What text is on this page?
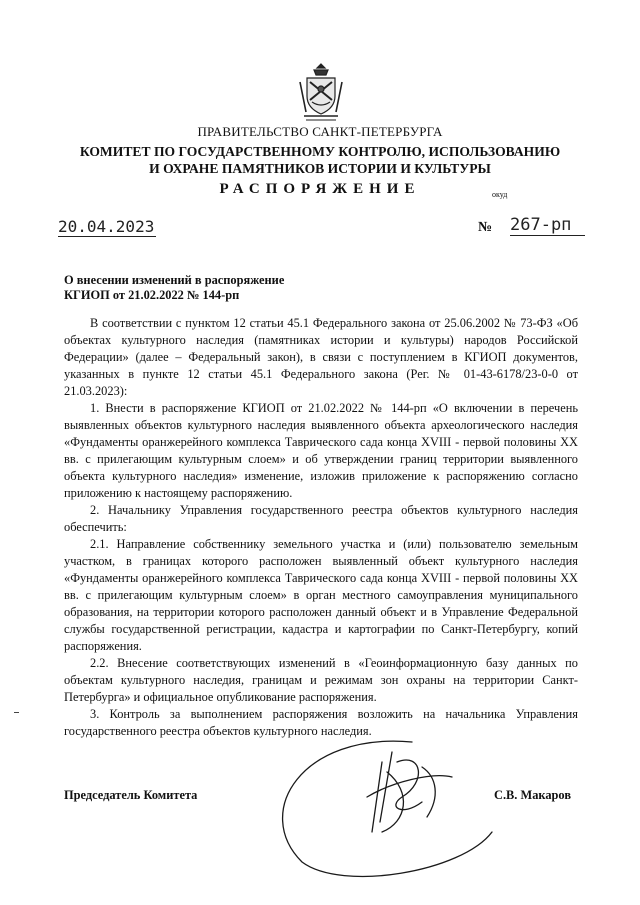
ПРАВИТЕЛЬСТВО САНКТ-ПЕТЕРБУРГА
КОМИТЕТ ПО ГОСУДАРСТВЕННОМУ КОНТРОЛЮ, ИСПОЛЬЗОВАНИЮ
И ОХРАНЕ ПАМЯТНИКОВ ИСТОРИИ И КУЛЬТУРЫ
РАСПОРЯЖЕНИЕ	окуд
20.04.2023	№ 267-рп
О внесении изменений в распоряжение
КГИОП от 21.02.2022 № 144-рп

В соответствии с пунктом 12 статьи 45.1 Федерального закона от 25.06.2002 № 73-ФЗ «Об объектах культурного наследия (памятниках истории и культуры) народов Российской Федерации» (далее – Федеральный закон), в связи с поступлением в КГИОП документов, указанных в пункте 12 статьи 45.1 Федерального закона (Рег. № 01-43-6178/23-0-0 от 21.03.2023):

1. Внести в распоряжение КГИОП от 21.02.2022 № 144-рп «О включении в перечень выявленных объектов культурного наследия выявленного объекта археологического наследия «Фундаменты оранжерейного комплекса Таврического сада конца XVIII - первой половины XX вв. с прилегающим культурным слоем» и об утверждении границ территории выявленного объекта культурного наследия» изменение, изложив приложение к распоряжению согласно приложению к настоящему распоряжению.

2. Начальнику Управления государственного реестра объектов культурного наследия обеспечить:

2.1. Направление собственнику земельного участка и (или) пользователю земельным участком, в границах которого расположен выявленный объект культурного наследия «Фундаменты оранжерейного комплекса Таврического сада конца XVIII - первой половины XX вв. с прилегающим культурным слоем» в орган местного самоуправления муниципального образования, на территории которого расположен данный объект и в Управление Федеральной службы государственной регистрации, кадастра и картографии по Санкт-Петербургу, копий распоряжения.

2.2. Внесение соответствующих изменений в «Геоинформационную базу данных по объектам культурного наследия, границам и режимам зон охраны на территории Санкт-Петербурга» и официальное опубликование распоряжения.

3. Контроль за выполнением распоряжения возложить на начальника Управления государственного реестра объектов культурного наследия.

Председатель Комитета	С.В. Макаров
